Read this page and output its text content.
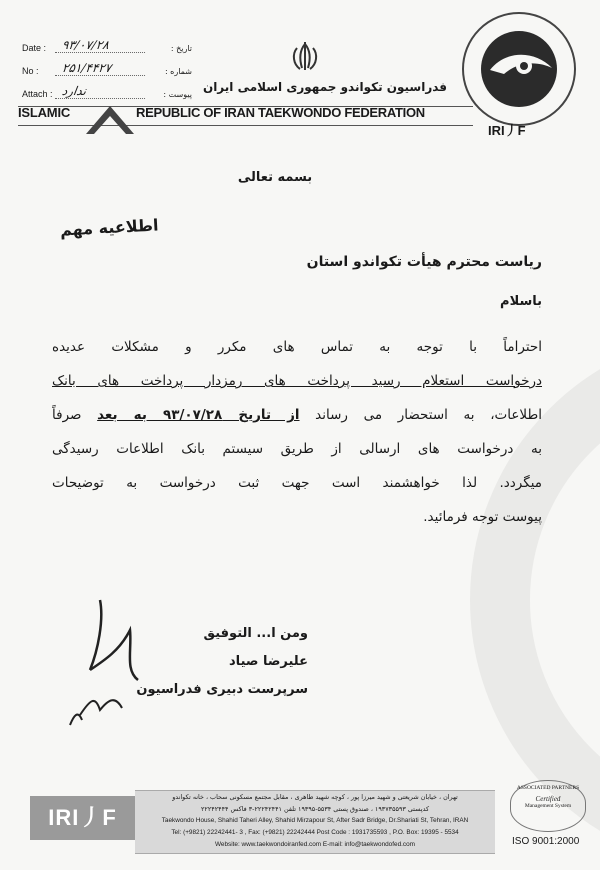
Date :	۹۳/۰۷/۲۸	تاریخ :
No :	۲۵۱/۴۴۲۷	شماره :
Attach : ندارد	پیوست :
فدراسیون تکواندو جمهوری اسلامی ایران
ISLAMIC	REPUBLIC OF IRAN TAEKWONDO FEDERATION
IRI⼃F
بسمه تعالی
اطلاعیه مهم
ریاست محترم هیأت تکواندو استان
باسلام
احتراماً با توجه به تماس های مکرر و مشکلات عدیده
درخواست استعلام رسید پرداخت های رمزدار پرداخت های بانک
اطلاعات، به استحضار می رساند از تاریخ ۹۳/۰۷/۲۸ به بعد صرفاً
به درخواست های ارسالی از طریق سیستم بانک اطلاعات رسیدگی
میگردد. لذا خواهشمند است جهت ثبت درخواست به توضیحات
پیوست توجه فرمائید.
ومن ا... التوفیق
علیرضا صیاد
سرپرست دبیری فدراسیون
IRI⼃F
تهران ، خیابان شریعتی و شهید میرزا پور ، کوچه شهید طاهری ، مقابل مجتمع مسکونی سحاب ، خانه تکواندو
کدپستی ۱۹۳۷۳۵۵۹۳ ، صندوق پستی ۵۵۳۴-۱۹۳۹۵ تلفن ۲۲۲۴۲۴۴۱-۳ فاکس ۲۲۲۴۲۴۴۴
Taekwondo House, Shahid Taheri Alley, Shahid Mirzapour St, After Sadr Bridge, Dr.Shariati St, Tehran, IRAN
Tel: (+9821) 22242441- 3 , Fax: (+9821) 22242444 Post Code : 1931735593 , P.O. Box: 19395 - 5534
Website: www.taekwondoiranfed.com E-mail: info@taekwondofed.com
ASSOCIATED PARTNERS
Certified
Management System
ISO 9001:2000
